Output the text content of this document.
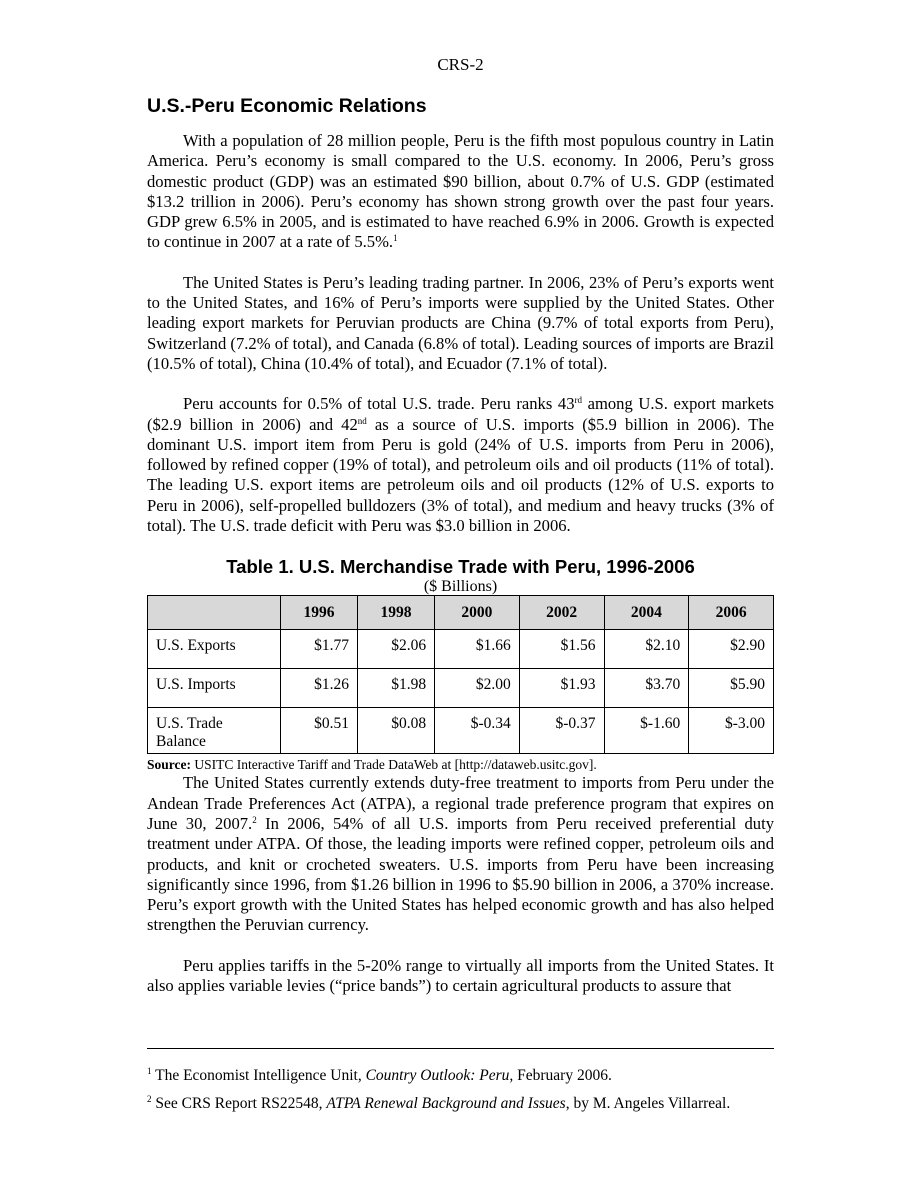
CRS-2
U.S.-Peru Economic Relations

With a population of 28 million people, Peru is the fifth most populous country in Latin America. Peru’s economy is small compared to the U.S. economy. In 2006, Peru’s gross domestic product (GDP) was an estimated $90 billion, about 0.7% of U.S. GDP (estimated $13.2 trillion in 2006). Peru’s economy has shown strong growth over the past four years. GDP grew 6.5% in 2005, and is estimated to have reached 6.9% in 2006. Growth is expected to continue in 2007 at a rate of 5.5%.$^1$

The United States is Peru’s leading trading partner. In 2006, 23% of Peru’s exports went to the United States, and 16% of Peru’s imports were supplied by the United States. Other leading export markets for Peruvian products are China (9.7% of total exports from Peru), Switzerland (7.2% of total), and Canada (6.8% of total). Leading sources of imports are Brazil (10.5% of total), China (10.4% of total), and Ecuador (7.1% of total).

Peru accounts for 0.5% of total U.S. trade. Peru ranks 43rd among U.S. export markets ($2.9 billion in 2006) and 42nd as a source of U.S. imports ($5.9 billion in 2006). The dominant U.S. import item from Peru is gold (24% of U.S. imports from Peru in 2006), followed by refined copper (19% of total), and petroleum oils and oil products (11% of total). The leading U.S. export items are petroleum oils and oil products (12% of U.S. exports to Peru in 2006), self-propelled bulldozers (3% of total), and medium and heavy trucks (3% of total). The U.S. trade deficit with Peru was $3.0 billion in 2006.

Table 1. U.S. Merchandise Trade with Peru, 1996-2006
($ Billions)
	1996	1998	2000	2002	2004	2006
U.S. Exports	$1.77	$2.06	$1.66	$1.56	$2.10	$2.90
U.S. Imports	$1.26	$1.98	$2.00	$1.93	$3.70	$5.90
U.S. Trade Balance	$0.51	$0.08	$-0.34	$-0.37	$-1.60	$-3.00
Source: USITC Interactive Tariff and Trade DataWeb at [http://dataweb.usitc.gov].

The United States currently extends duty-free treatment to imports from Peru under the Andean Trade Preferences Act (ATPA), a regional trade preference program that expires on June 30, 2007.$^2$ In 2006, 54% of all U.S. imports from Peru received preferential duty treatment under ATPA. Of those, the leading imports were refined copper, petroleum oils and products, and knit or crocheted sweaters. U.S. imports from Peru have been increasing significantly since 1996, from $1.26 billion in 1996 to $5.90 billion in 2006, a 370% increase. Peru’s export growth with the United States has helped economic growth and has also helped strengthen the Peruvian currency.

Peru applies tariffs in the 5-20% range to virtually all imports from the United States. It also applies variable levies (“price bands”) to certain agricultural products to assure that

$^1$ The Economist Intelligence Unit, Country Outlook: Peru, February 2006.
$^2$ See CRS Report RS22548, ATPA Renewal Background and Issues, by M. Angeles Villarreal.
